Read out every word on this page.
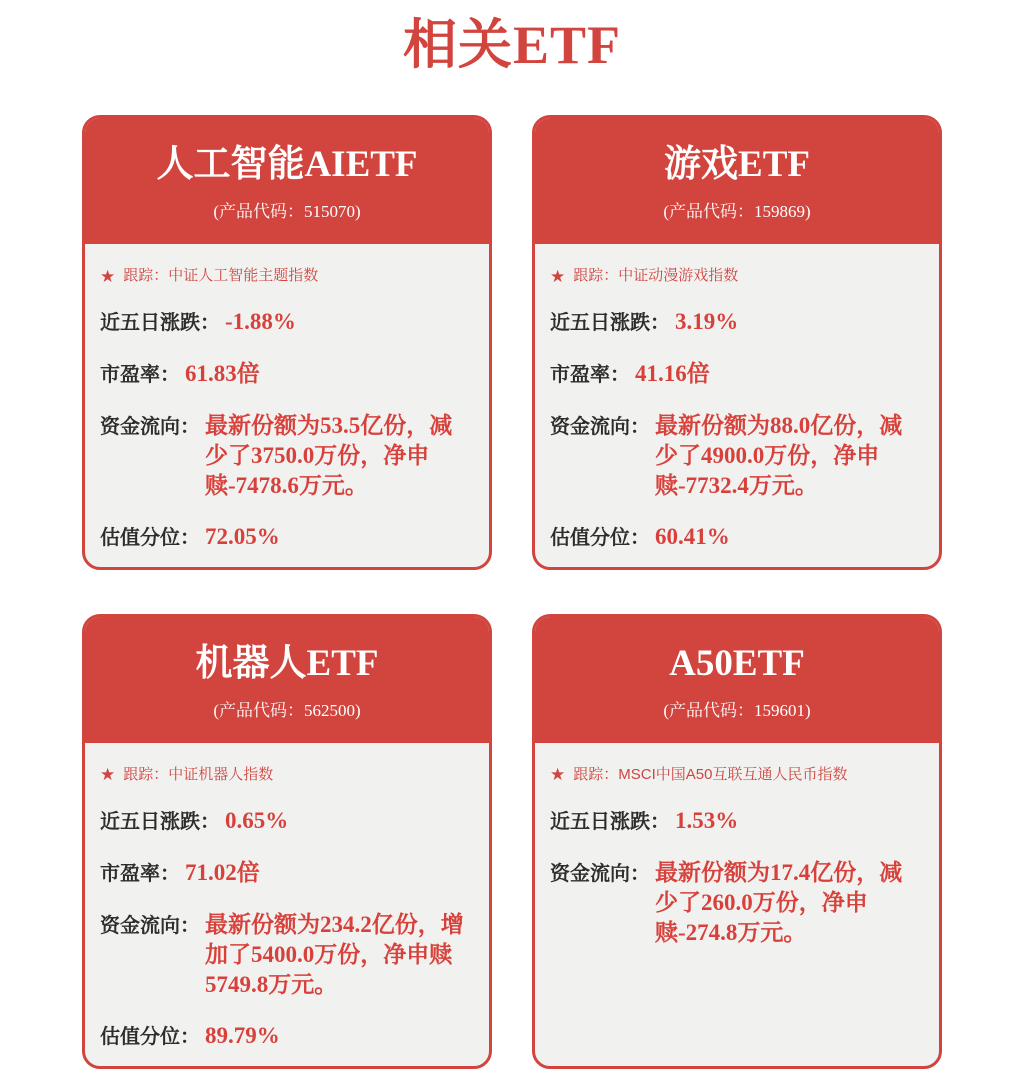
相关ETF
人工智能AIETF
(产品代码：515070)
★ 跟踪：中证人工智能主题指数
近五日涨跌： -1.88%
市盈率： 61.83倍
资金流向： 最新份额为53.5亿份，减少了3750.0万份，净申赎-7478.6万元。
估值分位： 72.05%
游戏ETF
(产品代码：159869)
★ 跟踪：中证动漫游戏指数
近五日涨跌： 3.19%
市盈率： 41.16倍
资金流向： 最新份额为88.0亿份，减少了4900.0万份，净申赎-7732.4万元。
估值分位： 60.41%
机器人ETF
(产品代码：562500)
★ 跟踪：中证机器人指数
近五日涨跌： 0.65%
市盈率： 71.02倍
资金流向： 最新份额为234.2亿份，增加了5400.0万份，净申赎5749.8万元。
估值分位： 89.79%
A50ETF
(产品代码：159601)
★ 跟踪：MSCI中国A50互联互通人民币指数
近五日涨跌： 1.53%
资金流向： 最新份额为17.4亿份，减少了260.0万份，净申赎-274.8万元。
